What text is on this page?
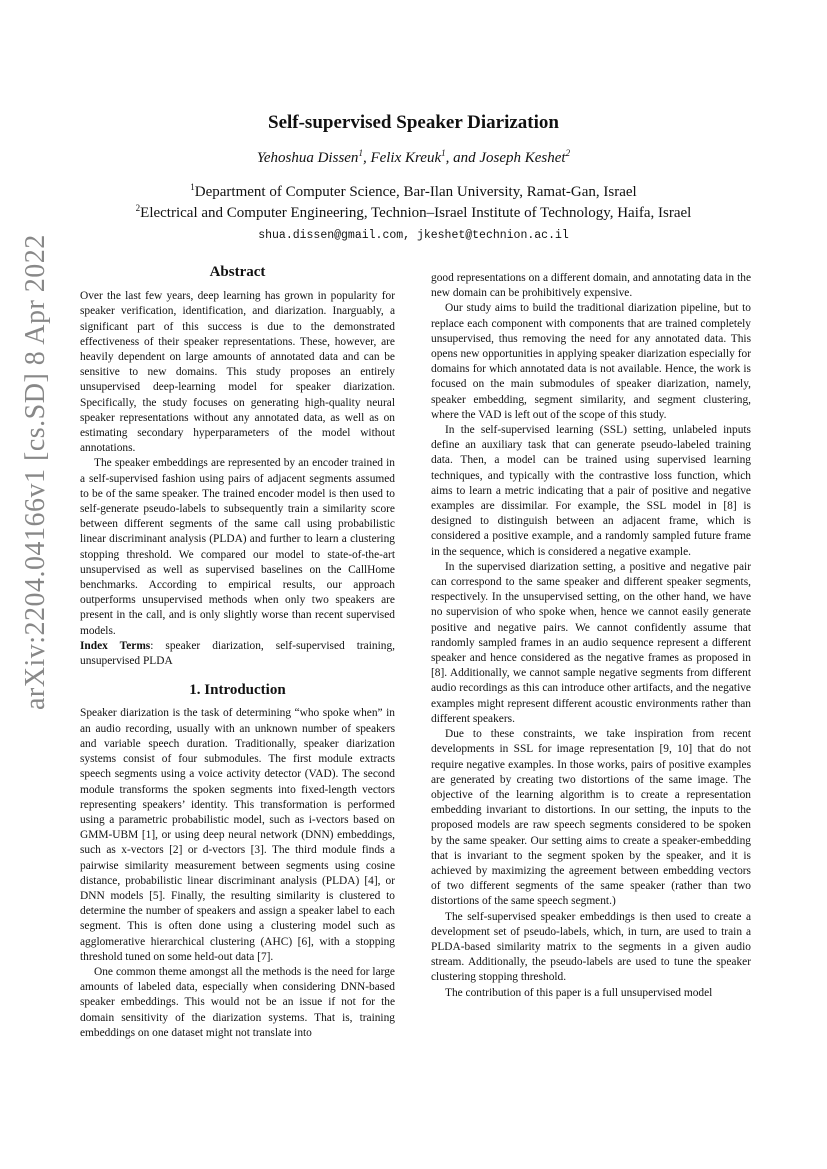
arXiv:2204.04166v1 [cs.SD] 8 Apr 2022
Self-supervised Speaker Diarization
Yehoshua Dissen$^1$, Felix Kreuk$^1$, and Joseph Keshet$^2$
$^1$Department of Computer Science, Bar-Ilan University, Ramat-Gan, Israel
$^2$Electrical and Computer Engineering, Technion–Israel Institute of Technology, Haifa, Israel
shua.dissen@gmail.com, jkeshet@technion.ac.il
Abstract

Over the last few years, deep learning has grown in popularity for speaker verification, identification, and diarization. Inarguably, a significant part of this success is due to the demonstrated effectiveness of their speaker representations. These, however, are heavily dependent on large amounts of annotated data and can be sensitive to new domains. This study proposes an entirely unsupervised deep-learning model for speaker diarization. Specifically, the study focuses on generating high-quality neural speaker representations without any annotated data, as well as on estimating secondary hyperparameters of the model without annotations.

The speaker embeddings are represented by an encoder trained in a self-supervised fashion using pairs of adjacent segments assumed to be of the same speaker. The trained encoder model is then used to self-generate pseudo-labels to subsequently train a similarity score between different segments of the same call using probabilistic linear discriminant analysis (PLDA) and further to learn a clustering stopping threshold. We compared our model to state-of-the-art unsupervised as well as supervised baselines on the CallHome benchmarks. According to empirical results, our approach outperforms unsupervised methods when only two speakers are present in the call, and is only slightly worse than recent supervised models.

Index Terms: speaker diarization, self-supervised training, unsupervised PLDA

1. Introduction

Speaker diarization is the task of determining “who spoke when” in an audio recording, usually with an unknown number of speakers and variable speech duration. Traditionally, speaker diarization systems consist of four submodules. The first module extracts speech segments using a voice activity detector (VAD). The second module transforms the spoken segments into fixed-length vectors representing speakers’ identity. This transformation is performed using a parametric probabilistic model, such as i-vectors based on GMM-UBM [1], or using deep neural network (DNN) embeddings, such as x-vectors [2] or d-vectors [3]. The third module finds a pairwise similarity measurement between segments using cosine distance, probabilistic linear discriminant analysis (PLDA) [4], or DNN models [5]. Finally, the resulting similarity is clustered to determine the number of speakers and assign a speaker label to each segment. This is often done using a clustering model such as agglomerative hierarchical clustering (AHC) [6], with a stopping threshold tuned on some held-out data [7].

One common theme amongst all the methods is the need for large amounts of labeled data, especially when considering DNN-based speaker embeddings. This would not be an issue if not for the domain sensitivity of the diarization systems. That is, training embeddings on one dataset might not translate into

good representations on a different domain, and annotating data in the new domain can be prohibitively expensive.

Our study aims to build the traditional diarization pipeline, but to replace each component with components that are trained completely unsupervised, thus removing the need for any annotated data. This opens new opportunities in applying speaker diarization especially for domains for which annotated data is not available. Hence, the work is focused on the main submodules of speaker diarization, namely, speaker embedding, segment similarity, and segment clustering, where the VAD is left out of the scope of this study.

In the self-supervised learning (SSL) setting, unlabeled inputs define an auxiliary task that can generate pseudo-labeled training data. Then, a model can be trained using supervised learning techniques, and typically with the contrastive loss function, which aims to learn a metric indicating that a pair of positive and negative examples are dissimilar. For example, the SSL model in [8] is designed to distinguish between an adjacent frame, which is considered a positive example, and a randomly sampled future frame in the sequence, which is considered a negative example.

In the supervised diarization setting, a positive and negative pair can correspond to the same speaker and different speaker segments, respectively. In the unsupervised setting, on the other hand, we have no supervision of who spoke when, hence we cannot easily generate positive and negative pairs. We cannot confidently assume that randomly sampled frames in an audio sequence represent a different speaker and hence considered as the negative frames as proposed in [8]. Additionally, we cannot sample negative segments from different audio recordings as this can introduce other artifacts, and the negative examples might represent different acoustic environments rather than different speakers.

Due to these constraints, we take inspiration from recent developments in SSL for image representation [9, 10] that do not require negative examples. In those works, pairs of positive examples are generated by creating two distortions of the same image. The objective of the learning algorithm is to create a representation embedding invariant to distortions. In our setting, the inputs to the proposed models are raw speech segments considered to be spoken by the same speaker. Our setting aims to create a speaker-embedding that is invariant to the segment spoken by the speaker, and it is achieved by maximizing the agreement between embedding vectors of two different segments of the same speaker (rather than two distortions of the same speech segment.)

The self-supervised speaker embeddings is then used to create a development set of pseudo-labels, which, in turn, are used to train a PLDA-based similarity matrix to the segments in a given audio stream. Additionally, the pseudo-labels are used to tune the speaker clustering stopping threshold.

The contribution of this paper is a full unsupervised model
